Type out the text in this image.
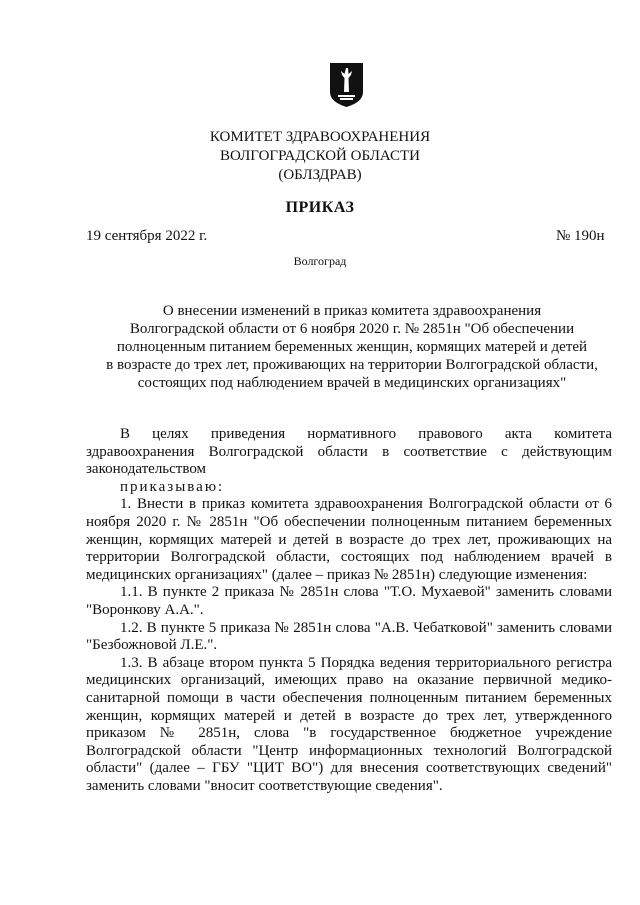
КОМИТЕТ ЗДРАВООХРАНЕНИЯ
ВОЛГОГРАДСКОЙ ОБЛАСТИ
(ОБЛЗДРАВ)
ПРИКАЗ
19 сентября 2022 г.	№ 190н
Волгоград
О внесении изменений в приказ комитета здравоохранения
Волгоградской области от 6 ноября 2020 г. № 2851н "Об обеспечении
полноценным питанием беременных женщин, кормящих матерей и детей
в возрасте до трех лет, проживающих на территории Волгоградской области,
состоящих под наблюдением врачей в медицинских организациях"

В целях приведения нормативного правового акта комитета здравоохранения Волгоградской области в соответствие с действующим законодательством

приказываю:

1. Внести в приказ комитета здравоохранения Волгоградской области от 6 ноября 2020 г. № 2851н "Об обеспечении полноценным питанием беременных женщин, кормящих матерей и детей в возрасте до трех лет, проживающих на территории Волгоградской области, состоящих под наблюдением врачей в медицинских организациях" (далее – приказ № 2851н) следующие изменения:

1.1. В пункте 2 приказа № 2851н слова "Т.О. Мухаевой" заменить словами "Воронкову А.А.".

1.2. В пункте 5 приказа № 2851н слова "А.В. Чебатковой" заменить словами "Безбожновой Л.Е.".

1.3. В абзаце втором пункта 5 Порядка ведения территориального регистра медицинских организаций, имеющих право на оказание первичной медико-санитарной помощи в части обеспечения полноценным питанием беременных женщин, кормящих матерей и детей в возрасте до трех лет, утвержденного приказом № 2851н, слова "в государственное бюджетное учреждение Волгоградской области "Центр информационных технологий Волгоградской области" (далее – ГБУ "ЦИТ ВО") для внесения соответствующих сведений" заменить словами "вносит соответствующие сведения".
